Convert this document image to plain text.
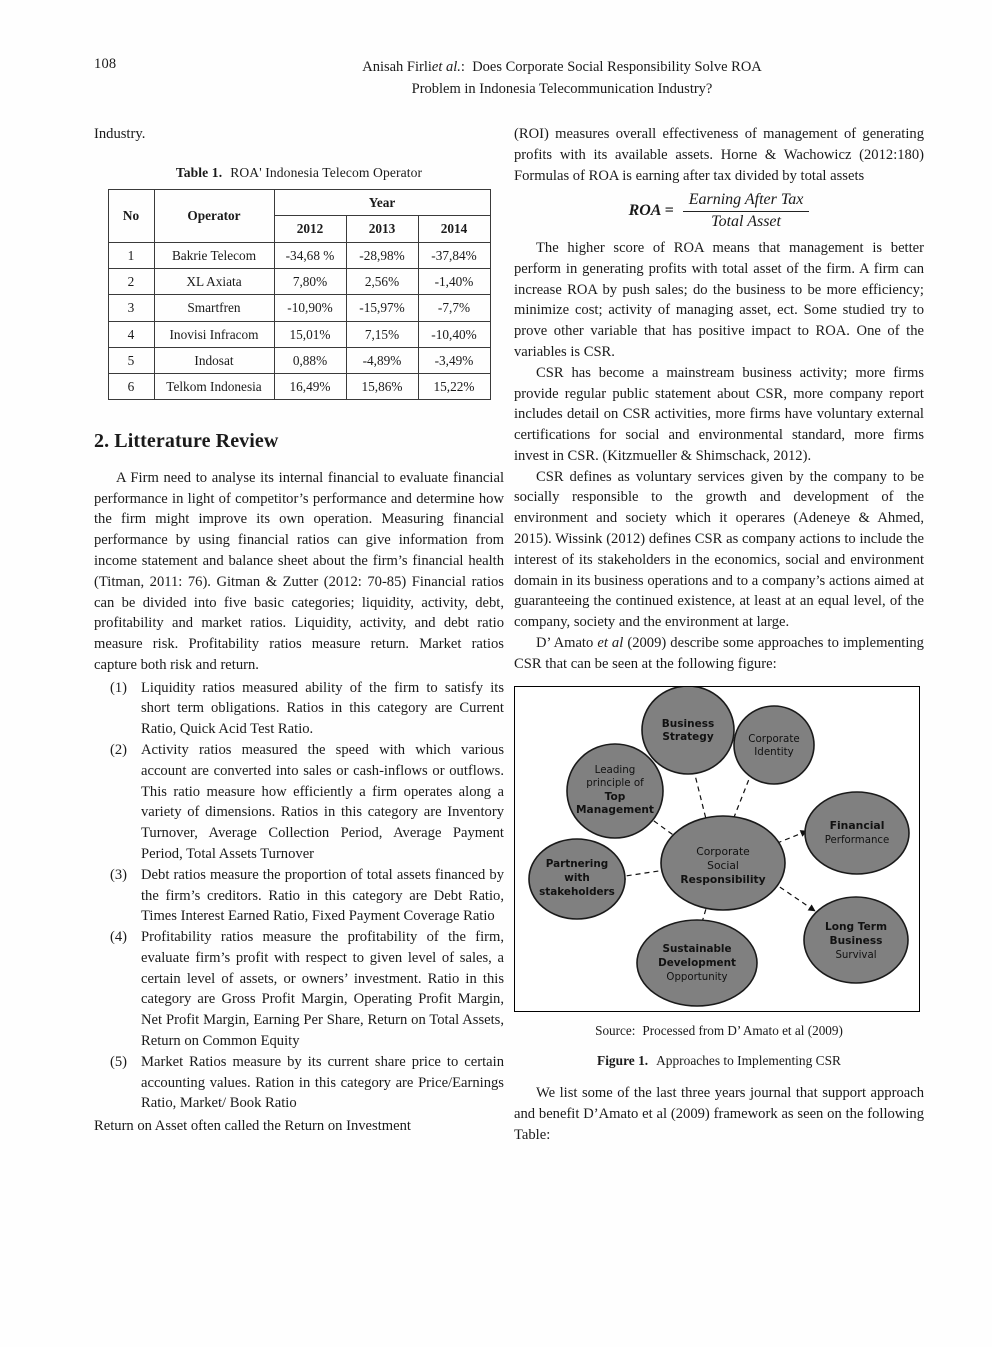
108	Anisah Firliet al.: Does Corporate Social Responsibility Solve ROA
Problem in Indonesia Telecommunication Industry?

Industry.

Table 1. ROA' Indonesia Telecom Operator
No	Operator	Year		
		2012	2013	2014
1	Bakrie Telecom	-34,68 %	-28,98%	-37,84%
2	XL Axiata	7,80%	2,56%	-1,40%
3	Smartfren	-10,90%	-15,97%	-7,7%
4	Inovisi Infracom	15,01%	7,15%	-10,40%
5	Indosat	0,88%	-4,89%	-3,49%
6	Telkom Indonesia	16,49%	15,86%	15,22%
2. Litterature Review

A Firm need to analyse its internal financial to evaluate financial performance in light of competitor’s performance and determine how the firm might improve its own operation. Measuring financial performance by using financial ratios can give information from income statement and balance sheet about the firm’s financial health (Titman, 2011: 76). Gitman & Zutter (2012: 70-85) Financial ratios can be divided into five basic categories; liquidity, activity, debt, profitability and market ratios. Liquidity, activity, and debt ratio measure risk. Profitability ratios measure return. Market ratios capture both risk and return.

(1) Liquidity ratios measured ability of the firm to satisfy its short term obligations. Ratios in this category are Current Ratio, Quick Acid Test Ratio.
(2) Activity ratios measured the speed with which various account are converted into sales or cash-inflows or outflows. This ratio measure how efficiently a firm operates along a variety of dimensions. Ratios in this category are Inventory Turnover, Average Collection Period, Average Payment Period, Total Assets Turnover
(3) Debt ratios measure the proportion of total assets financed by the firm’s creditors. Ratio in this category are Debt Ratio, Times Interest Earned Ratio, Fixed Payment Coverage Ratio
(4) Profitability ratios measure the profitability of the firm, evaluate firm’s profit with respect to given level of sales, a certain level of assets, or owners’ investment. Ratio in this category are Gross Profit Margin, Operating Profit Margin, Net Profit Margin, Earning Per Share, Return on Total Assets, Return on Common Equity
(5) Market Ratios measure by its current share price to certain accounting values. Ration in this category are Price/Earnings Ratio, Market/ Book Ratio

Return on Asset often called the Return on Investment

(ROI) measures overall effectiveness of management of generating profits with its available assets. Horne & Wachowicz (2012:180) Formulas of ROA is earning after tax divided by total assets

ROA = $\frac{\text{Earning After Tax}}{\text{Total Asset}}$

The higher score of ROA means that management is better perform in generating profits with total asset of the firm. A firm can increase ROA by push sales; do the business to be more efficiency; minimize cost; activity of managing asset, ect. Some studied try to prove other variable that has positive impact to ROA. One of the variables is CSR.

CSR has become a mainstream business activity; more firms provide regular public statement about CSR, more company report includes detail on CSR activities, more firms have voluntary external certifications for social and environmental standard, more firms invest in CSR. (Kitzmueller & Shimschack, 2012).

CSR defines as voluntary services given by the company to be socially responsible to the growth and development of the environment and society which it operares (Adeneye & Ahmed, 2015). Wissink (2012) defines CSR as company actions to include the interest of its stakeholders in the economics, social and environment domain in its business operations and to a company’s actions aimed at guaranteeing the continued existence, at least at an equal level, of the company, society and the environment at large.

D’ Amato et al (2009) describe some approaches to implementing CSR that can be seen at the following figure:

Business
Strategy	Corporate
Identity
Leading
principle of
Top
Management
Partnering
with
stakeholders
Sustainable
Development
Opportunity
Financial
Performance
Long Term
Business
Survival
Corporate
Social
Responsibility
Source: Processed from D’ Amato et al (2009)
Figure 1. Approaches to Implementing CSR

We list some of the last three years journal that support approach and benefit D’Amato et al (2009) framework as seen on the following Table:
